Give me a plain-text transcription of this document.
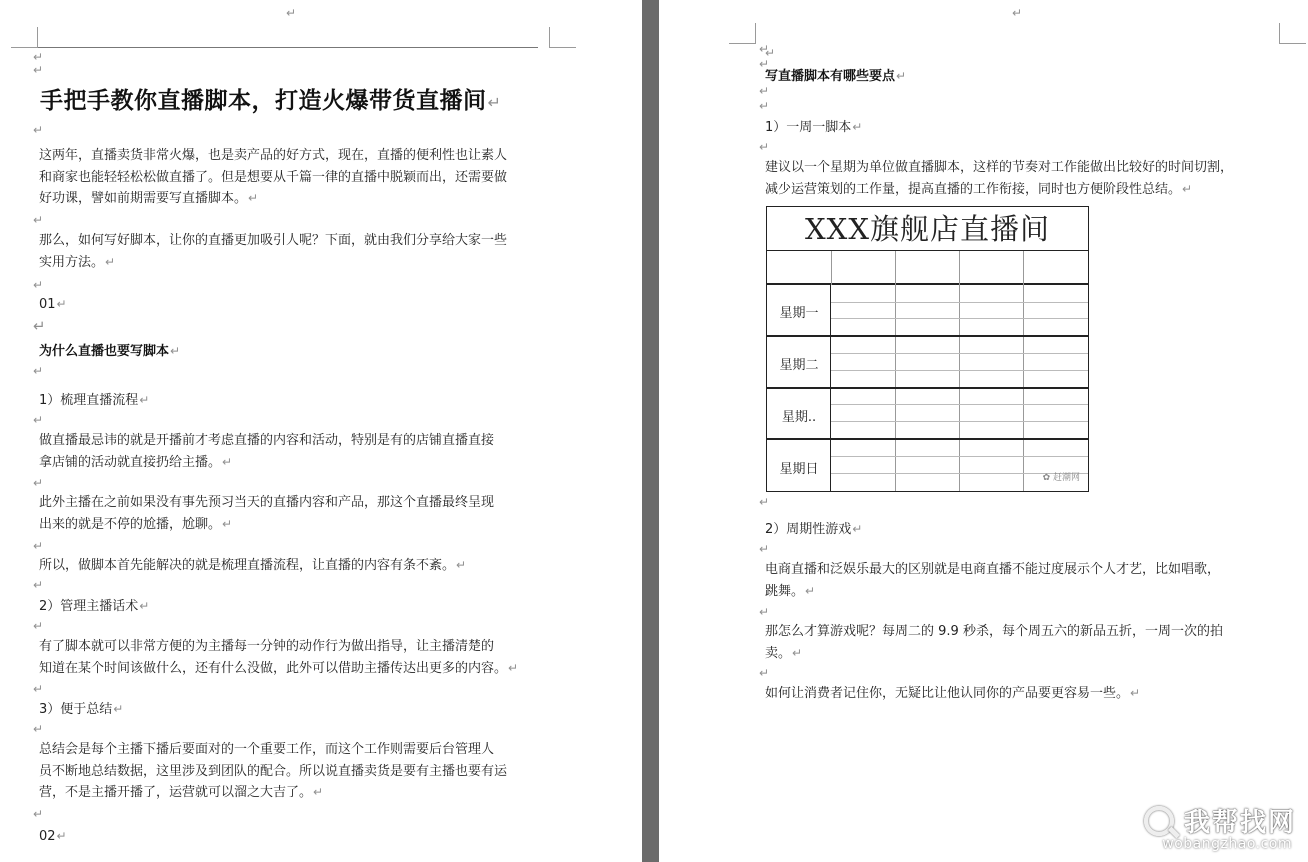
↵
↵
↵
手把手教你直播脚本，打造火爆带货直播间↵
↵
这两年，直播卖货非常火爆，也是卖产品的好方式，现在，直播的便利性也让素人
和商家也能轻轻松松做直播了。但是想要从千篇一律的直播中脱颖而出，还需要做
好功课，譬如前期需要写直播脚本。↵
↵
那么，如何写好脚本，让你的直播更加吸引人呢？下面，就由我们分享给大家一些
实用方法。↵
↵
01↵
↵
为什么直播也要写脚本↵
↵
1）梳理直播流程↵
↵
做直播最忌讳的就是开播前才考虑直播的内容和活动，特别是有的店铺直播直接
拿店铺的活动就直接扔给主播。↵
↵
此外主播在之前如果没有事先预习当天的直播内容和产品，那这个直播最终呈现
出来的就是不停的尬播，尬聊。↵
↵
所以，做脚本首先能解决的就是梳理直播流程，让直播的内容有条不紊。↵
↵
2）管理主播话术↵
↵
有了脚本就可以非常方便的为主播每一分钟的动作行为做出指导，让主播清楚的
知道在某个时间该做什么，还有什么没做，此外可以借助主播传达出更多的内容。↵
↵
3）便于总结↵
↵
总结会是每个主播下播后要面对的一个重要工作，而这个工作则需要后台管理人
员不断地总结数据，这里涉及到团队的配合。所以说直播卖货是要有主播也要有运
营，不是主播开播了，运营就可以溜之大吉了。↵
↵
02↵
↵
↵
↵
↵
写直播脚本有哪些要点↵
↵
↵
1）一周一脚本↵
↵
建议以一个星期为单位做直播脚本，这样的节奏对工作能做出比较好的时间切割，
减少运营策划的工作量，提高直播的工作衔接，同时也方便阶段性总结。↵
XXX旗舰店直播间
星期一
星期二
星期..
星期日
✿ 赶潮网
↵
2）周期性游戏↵
↵
电商直播和泛娱乐最大的区别就是电商直播不能过度展示个人才艺，比如唱歌，
跳舞。↵
↵
那怎么才算游戏呢？每周二的 9.9 秒杀，每个周五六的新品五折，一周一次的拍
卖。↵
↵
如何让消费者记住你，无疑比让他认同你的产品要更容易一些。↵
我帮找网
wobangzhao.com
